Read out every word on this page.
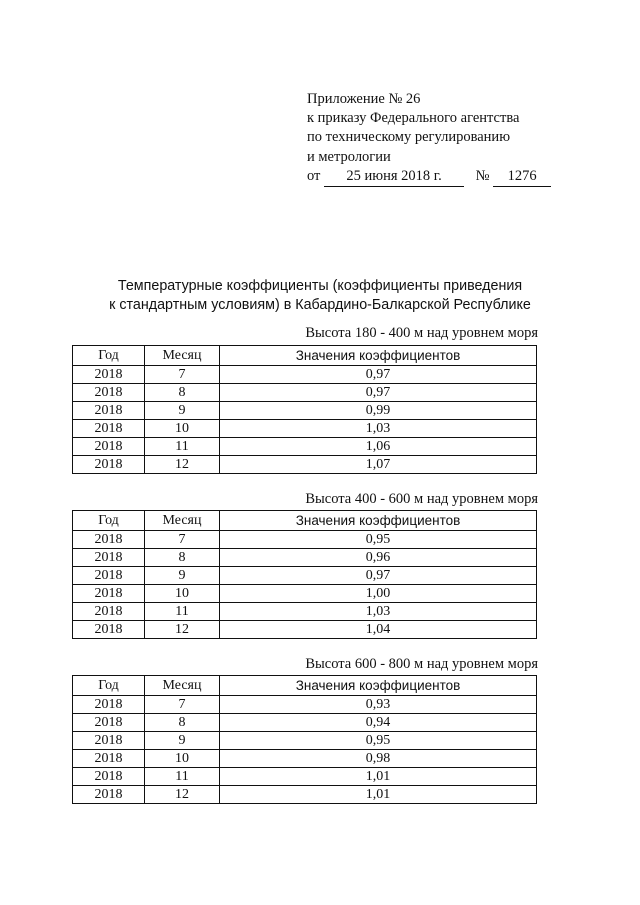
Приложение № 26
к приказу Федерального агентства
по техническому регулированию
и метрологии
от 25 июня 2018 г. № 1276
Температурные коэффициенты (коэффициенты приведения
к стандартным условиям) в Кабардино-Балкарской Республике
Высота 180 - 400 м над уровнем моря
Год	Месяц	Значения коэффициентов
2018	7	0,97
2018	8	0,97
2018	9	0,99
2018	10	1,03
2018	11	1,06
2018	12	1,07
Высота 400 - 600 м над уровнем моря
Год	Месяц	Значения коэффициентов
2018	7	0,95
2018	8	0,96
2018	9	0,97
2018	10	1,00
2018	11	1,03
2018	12	1,04
Высота 600 - 800 м над уровнем моря
Год	Месяц	Значения коэффициентов
2018	7	0,93
2018	8	0,94
2018	9	0,95
2018	10	0,98
2018	11	1,01
2018	12	1,01
